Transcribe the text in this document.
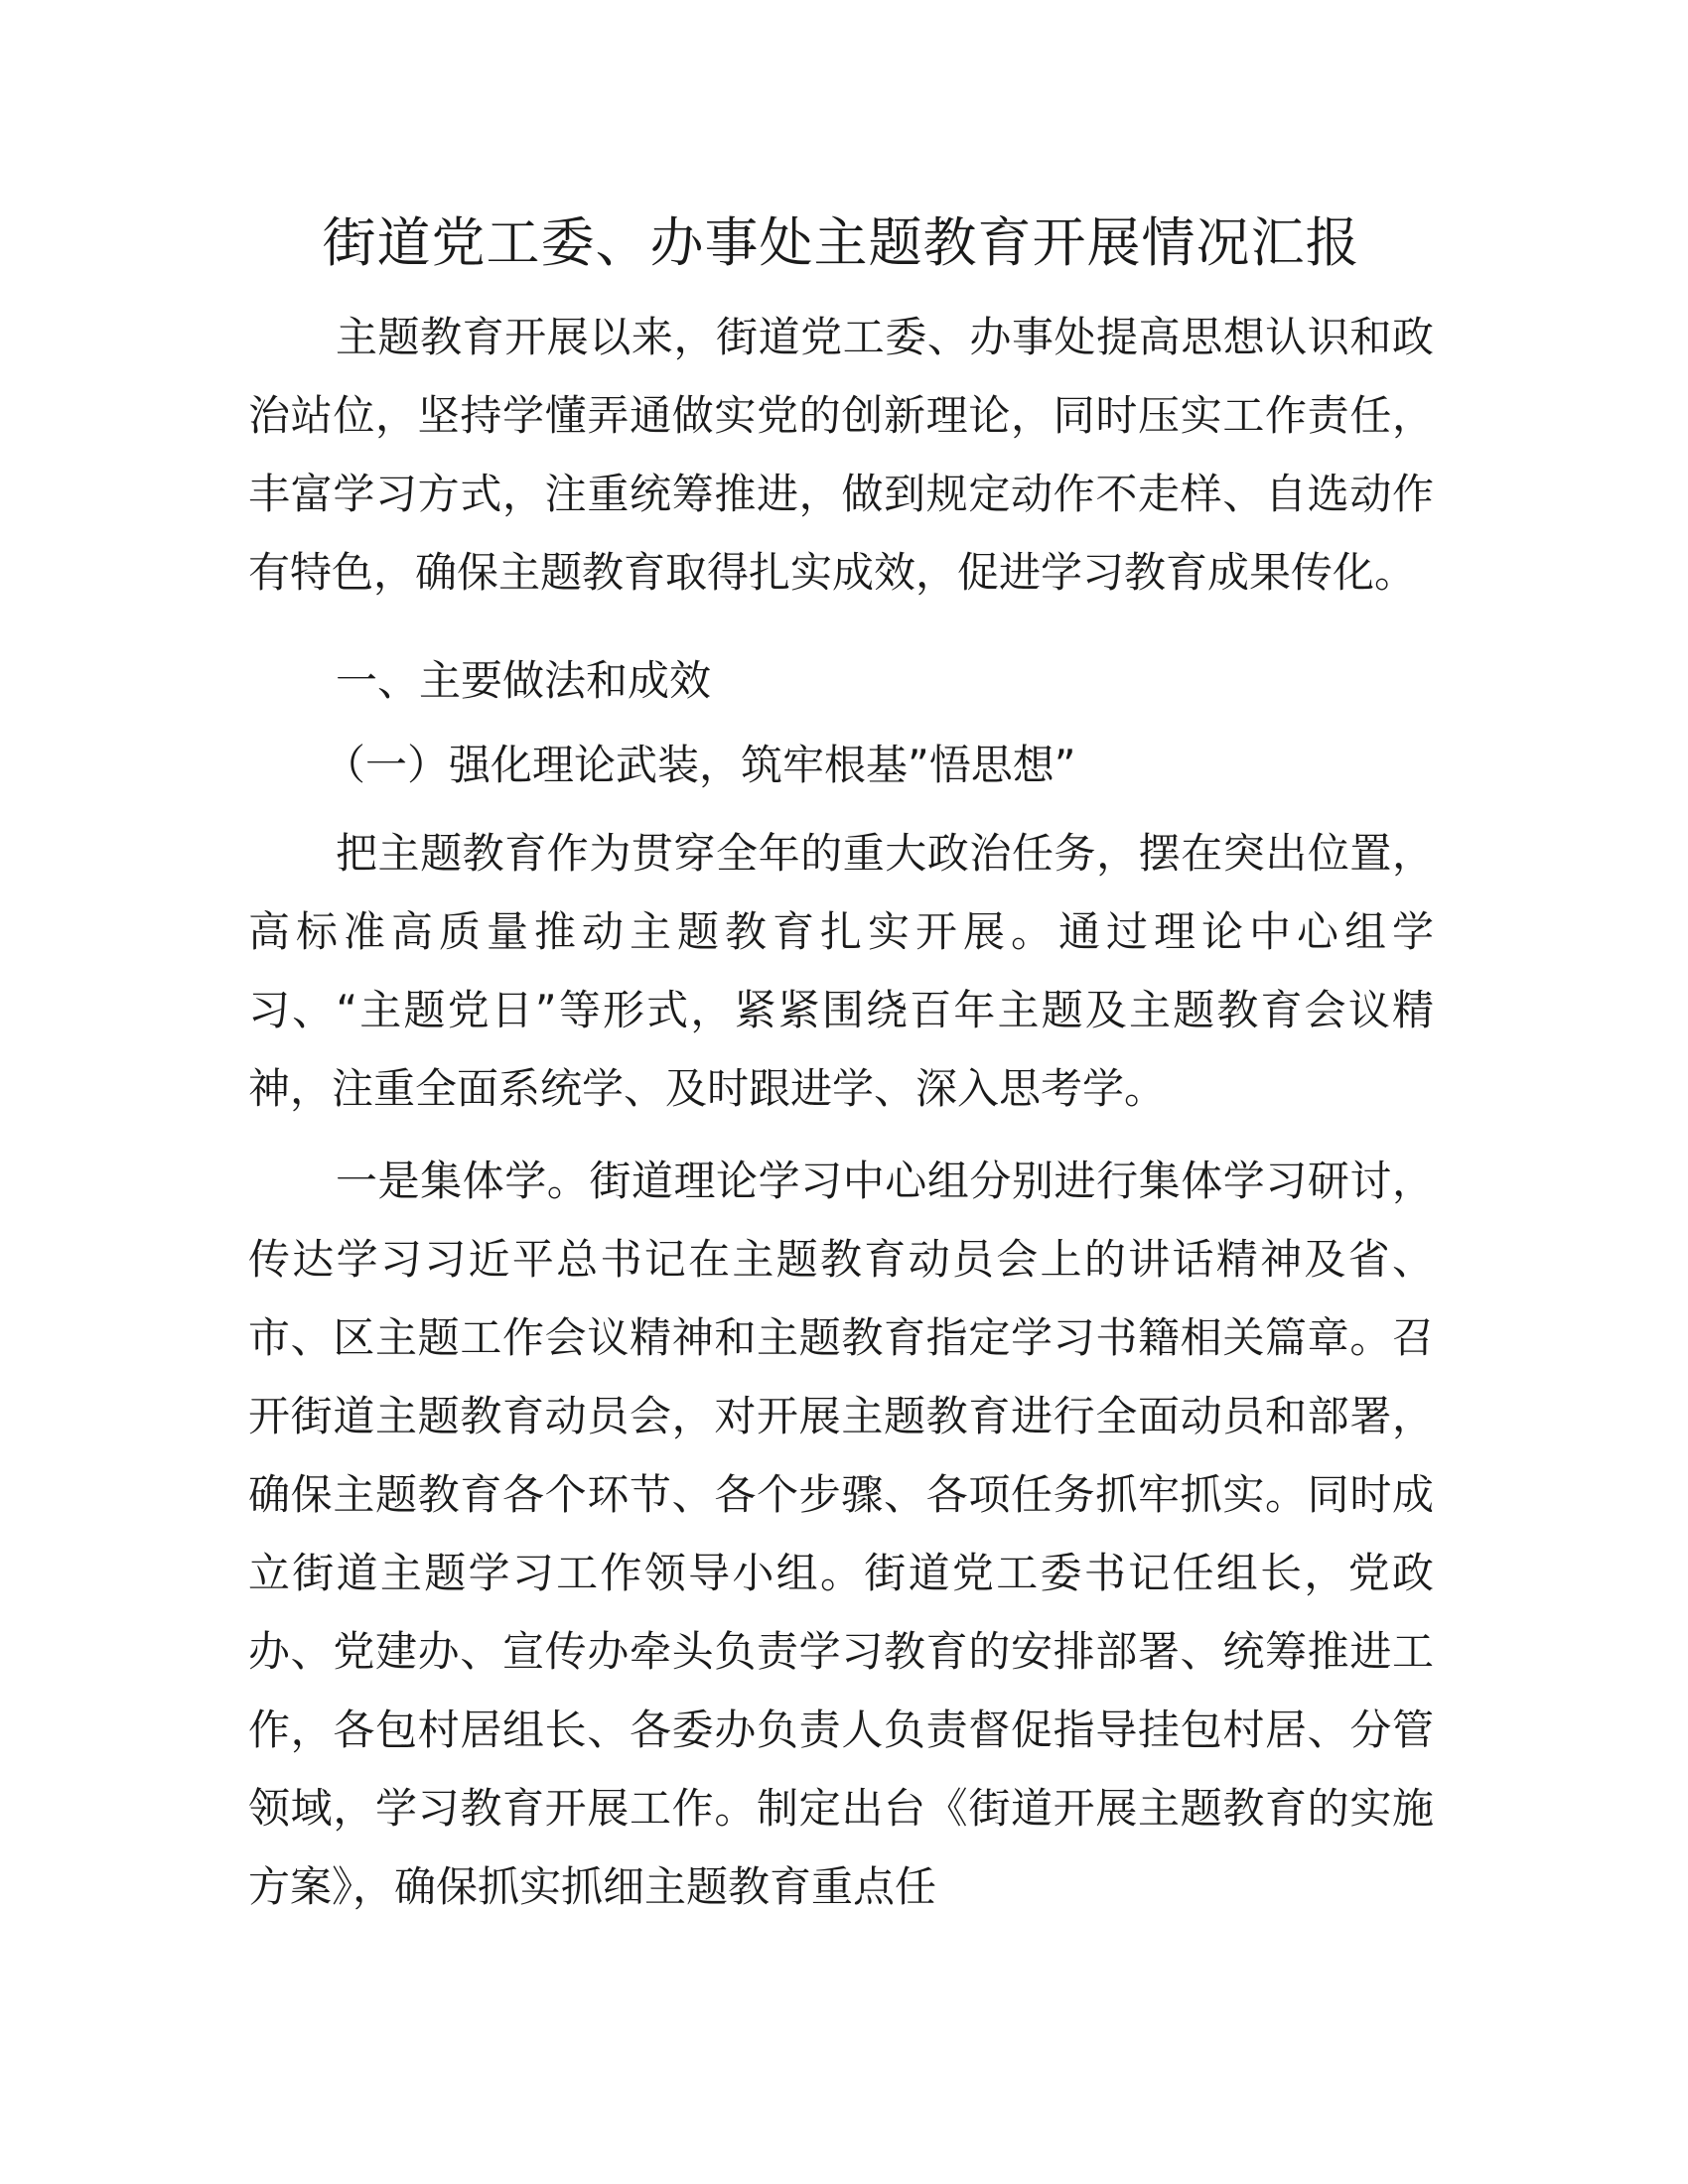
街道党工委、办事处主题教育开展情况汇报

主题教育开展以来，街道党工委、办事处提高思想认识和政治站位，坚持学懂弄通做实党的创新理论，同时压实工作责任，丰富学习方式，注重统筹推进，做到规定动作不走样、自选动作有特色，确保主题教育取得扎实成效，促进学习教育成果传化。

一、主要做法和成效

（一）强化理论武装，筑牢根基”悟思想”

把主题教育作为贯穿全年的重大政治任务，摆在突出位置，高标准高质量推动主题教育扎实开展。通过理论中心组学习、“主题党日”等形式，紧紧围绕百年主题及主题教育会议精神，注重全面系统学、及时跟进学、深入思考学。

一是集体学。街道理论学习中心组分别进行集体学习研讨，传达学习习近平总书记在主题教育动员会上的讲话精神及省、市、区主题工作会议精神和主题教育指定学习书籍相关篇章。召开街道主题教育动员会，对开展主题教育进行全面动员和部署，确保主题教育各个环节、各个步骤、各项任务抓牢抓实。同时成立街道主题学习工作领导小组。街道党工委书记任组长，党政办、党建办、宣传办牵头负责学习教育的安排部署、统筹推进工作，各包村居组长、各委办负责人负责督促指导挂包村居、分管领域，学习教育开展工作。制定出台《街道开展主题教育的实施方案》，确保抓实抓细主题教育重点任
